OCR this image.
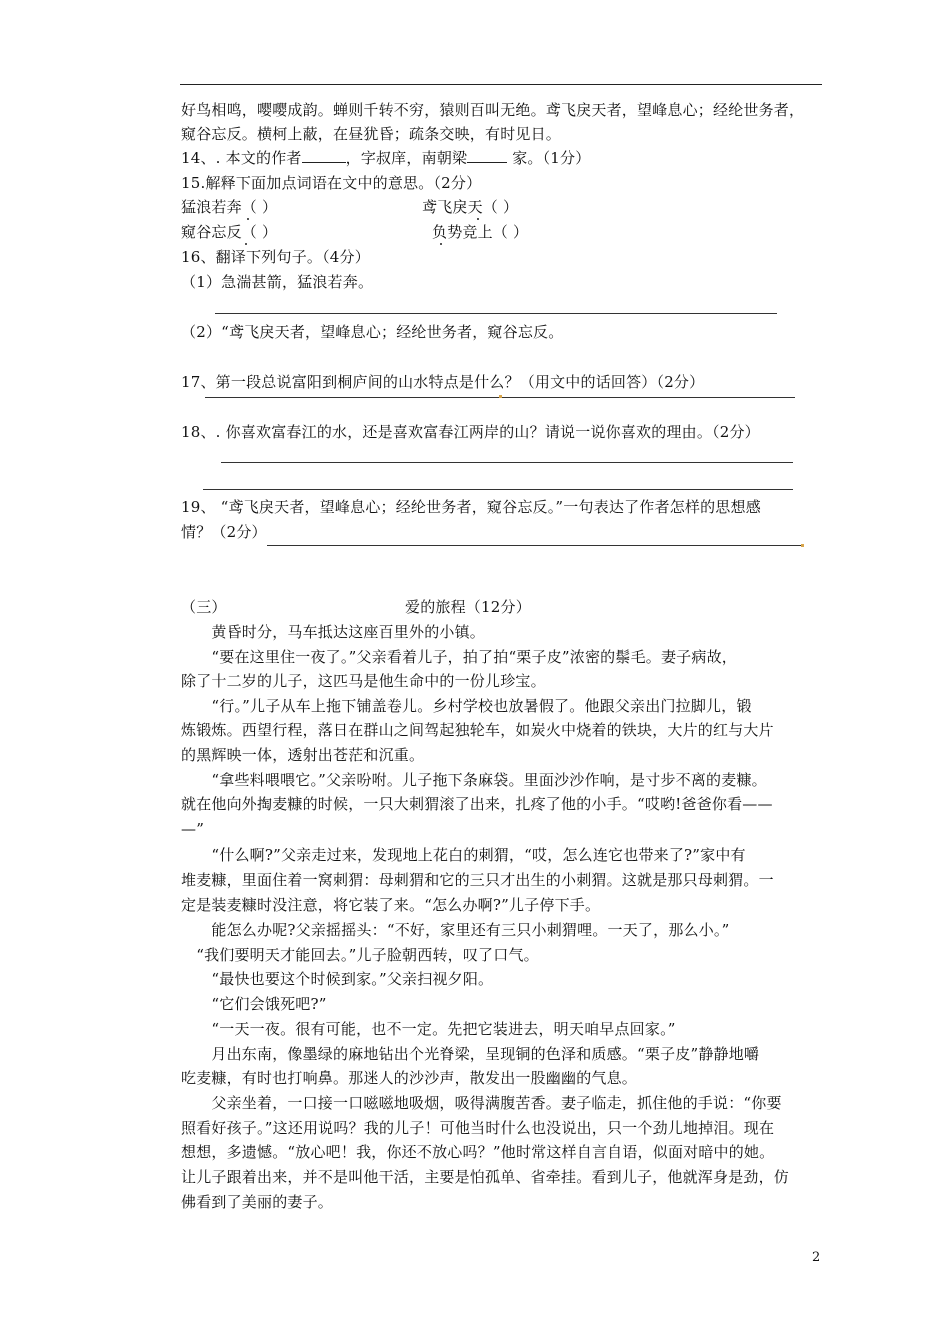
好鸟相鸣，嘤嘤成韵。蝉则千转不穷，猿则百叫无绝。鸢飞戾天者，望峰息心；经纶世务者，
窥谷忘反。横柯上蔽，在昼犹昏；疏条交映，有时见日。
14、. 本文的作者	，字叔庠，南朝梁	家。（1分）
15.解释下面加点词语在文中的意思。（2分）
猛浪若奔（ ）	鸢飞戾天（ ）
窥谷忘反（ ）	负势竞上（ ）
16、翻译下列句子。（4分）
（1）急湍甚箭，猛浪若奔。
（2）“鸢飞戾天者，望峰息心；经纶世务者，窥谷忘反。
17、第一段总说富阳到桐庐间的山水特点是什么？（用文中的话回答）（2分）
18、. 你喜欢富春江的水，还是喜欢富春江两岸的山？请说一说你喜欢的理由。（2分）
19、 “鸢飞戾天者，望峰息心；经纶世务者，窥谷忘反。”一句表达了作者怎样的思想感
情？（2分）
（三）	爱的旅程（12分）
　　黄昏时分，马车抵达这座百里外的小镇。
　　“要在这里住一夜了。”父亲看着儿子，拍了拍“栗子皮”浓密的鬃毛。妻子病故，
除了十二岁的儿子，这匹马是他生命中的一份儿珍宝。
　　“行。”儿子从车上拖下铺盖卷儿。乡村学校也放暑假了。他跟父亲出门拉脚儿，锻
炼锻炼。西望行程，落日在群山之间驾起独轮车，如炭火中烧着的铁块，大片的红与大片
的黑辉映一体，透射出苍茫和沉重。
　　“拿些料喂喂它。”父亲吩咐。儿子拖下条麻袋。里面沙沙作响，是寸步不离的麦糠。
就在他向外掏麦糠的时候，一只大刺猬滚了出来，扎疼了他的小手。“哎哟!爸爸你看——
—”
　　“什么啊?”父亲走过来，发现地上花白的刺猬，“哎，怎么连它也带来了?”家中有
堆麦糠，里面住着一窝刺猬：母刺猬和它的三只才出生的小刺猬。这就是那只母刺猬。一
定是装麦糠时没注意，将它装了来。“怎么办啊?”儿子停下手。
　　能怎么办呢?父亲摇摇头：“不好，家里还有三只小刺猬哩。一天了，那么小。”
　“我们要明天才能回去。”儿子脸朝西转，叹了口气。
　　“最快也要这个时候到家。”父亲扫视夕阳。
　　“它们会饿死吧?”
　　“一天一夜。很有可能，也不一定。先把它装进去，明天咱早点回家。”
　　月出东南，像墨绿的麻地钻出个光脊梁，呈现铜的色泽和质感。“栗子皮”静静地嚼
吃麦糠，有时也打响鼻。那迷人的沙沙声，散发出一股幽幽的气息。
　　父亲坐着，一口接一口嗞嗞地吸烟，吸得满腹苦香。妻子临走，抓住他的手说：“你要
照看好孩子。”这还用说吗？我的儿子！可他当时什么也没说出，只一个劲儿地掉泪。现在
想想，多遗憾。“放心吧！我，你还不放心吗？”他时常这样自言自语，似面对暗中的她。
让儿子跟着出来，并不是叫他干活，主要是怕孤单、省牵挂。看到儿子，他就浑身是劲，仿
佛看到了美丽的妻子。
2
